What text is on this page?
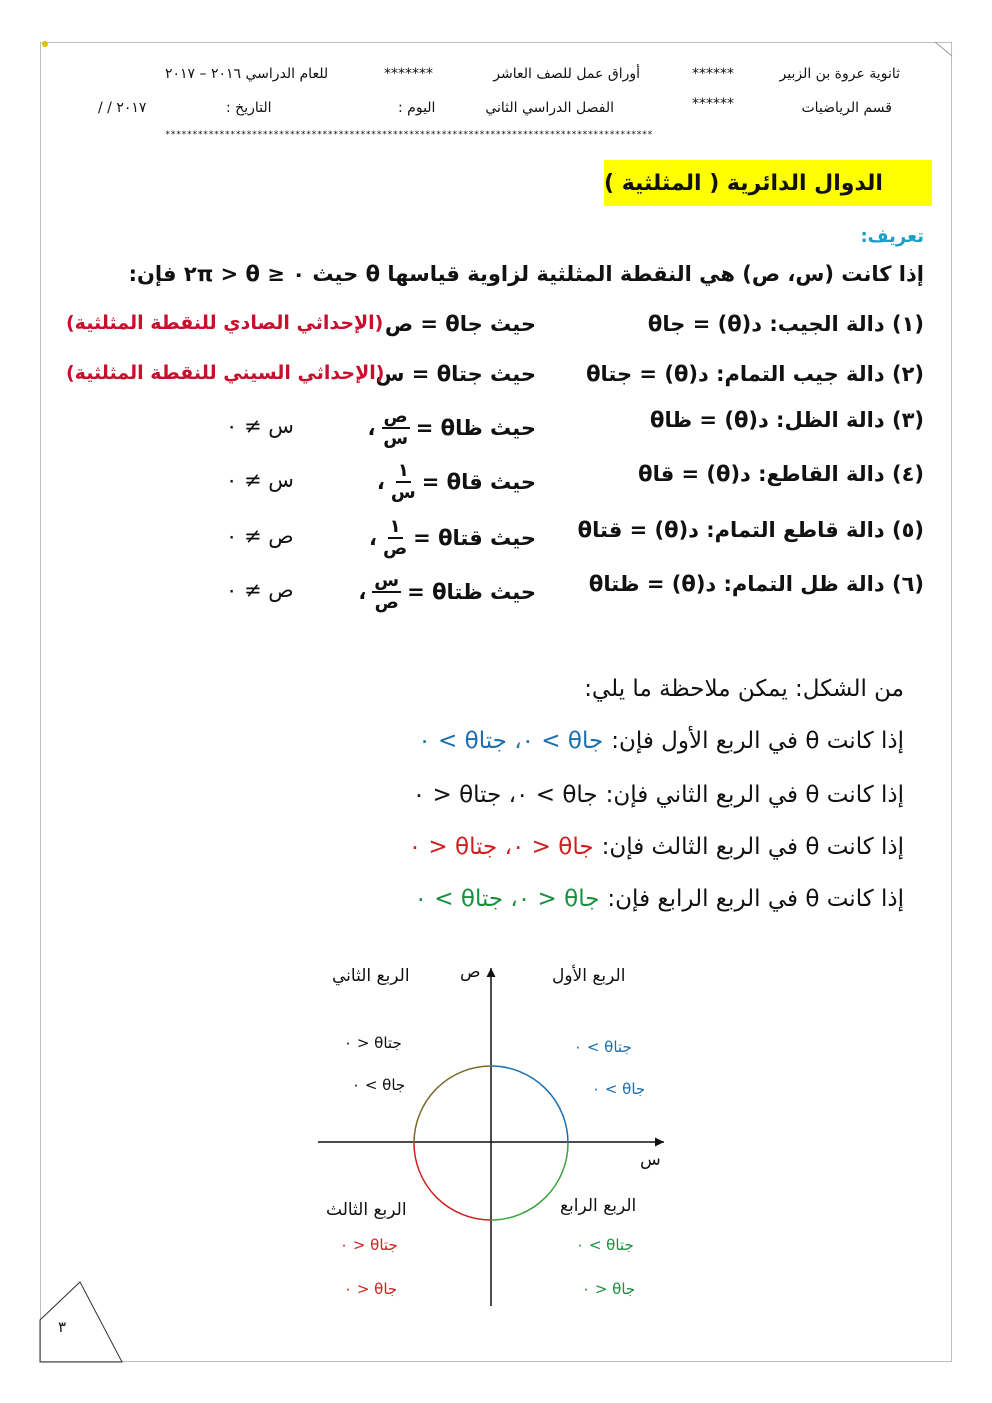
ثانوية عروة بن الزبير
******
أوراق عمل للصف العاشر
*******
للعام الدراسي ٢٠١٦ – ٢٠١٧
قسم الرياضيات
******
الفصل الدراسي الثاني
اليوم :
التاريخ :
/ / ٢٠١٧
******************************************************************************************
الدوال الدائرية ( المثلثية )
تعريف:
إذا كانت (س، ص) هي النقطة المثلثية لزاوية قياسها θ حيث ٠ ≤ θ < ٢π فإن:
(١) دالة الجيب: د(θ) = جاθ
حيث جاθ = ص
(الإحداثي الصادي للنقطة المثلثية)
(٢) دالة جيب التمام: د(θ) = جتاθ
حيث جتاθ = س
(الإحداثي السيني للنقطة المثلثية)
(٣) دالة الظل: د(θ) = ظاθ
حيث ظاθ =
$\frac{\text{ص}}{\text{س}}$
،
س ≠ ٠
(٤) دالة القاطع: د(θ) = قاθ
حيث قاθ =
$\frac{١}{\text{س}}$
،
س ≠ ٠
(٥) دالة قاطع التمام: د(θ) = قتاθ
حيث قتاθ =
$\frac{١}{\text{ص}}$
،
ص ≠ ٠
(٦) دالة ظل التمام: د(θ) = ظتاθ
حيث ظتاθ =
$\frac{\text{س}}{\text{ص}}$
،
ص ≠ ٠
من الشكل: يمكن ملاحظة ما يلي:
إذا كانت θ في الربع الأول فإن:
جاθ > ٠، جتاθ > ٠
إذا كانت θ في الربع الثاني فإن:
جاθ > ٠، جتاθ < ٠
إذا كانت θ في الربع الثالث فإن:
جاθ < ٠، جتاθ < ٠
إذا كانت θ في الربع الرابع فإن:
جاθ < ٠، جتاθ > ٠
ص
س
الربع الأول
جتاθ > ٠
جاθ > ٠
الربع الثاني
جتاθ < ٠
جاθ > ٠
الربع الثالث
جتاθ < ٠
جاθ < ٠
الربع الرابع
جتاθ > ٠
جاθ < ٠
٣
